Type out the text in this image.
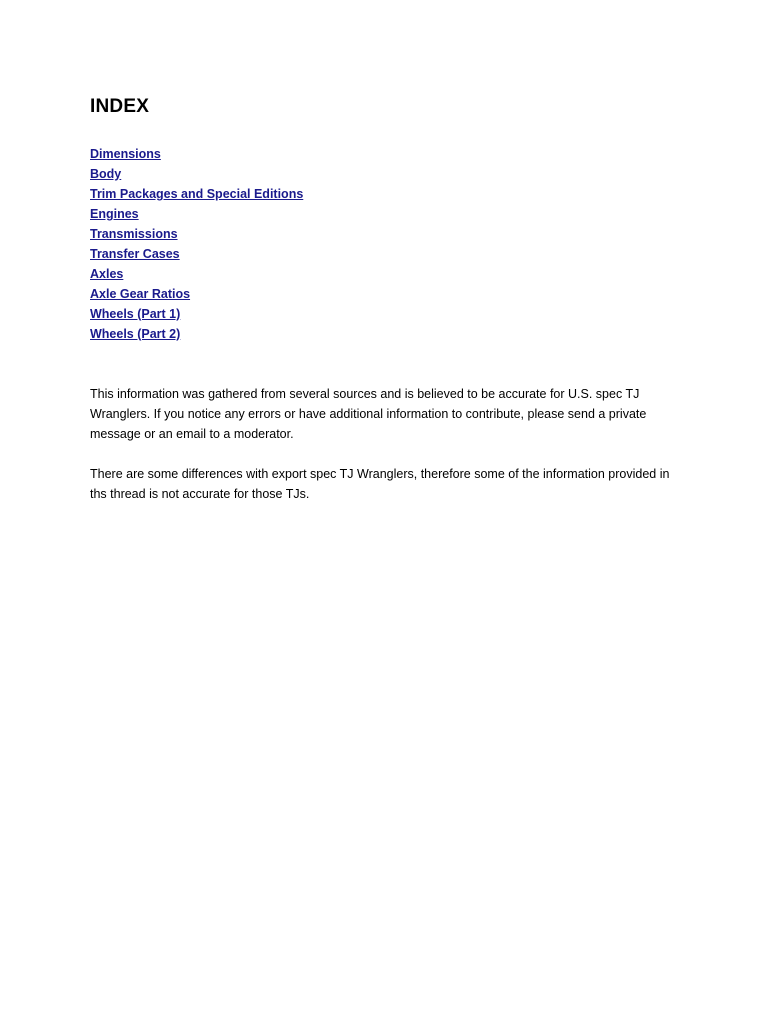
INDEX
Dimensions
Body
Trim Packages and Special Editions
Engines
Transmissions
Transfer Cases
Axles
Axle Gear Ratios
Wheels (Part 1)
Wheels (Part 2)

This information was gathered from several sources and is believed to be accurate for U.S. spec TJ Wranglers. If you notice any errors or have additional information to contribute, please send a private message or an email to a moderator.

There are some differences with export spec TJ Wranglers, therefore some of the information provided in ths thread is not accurate for those TJs.
